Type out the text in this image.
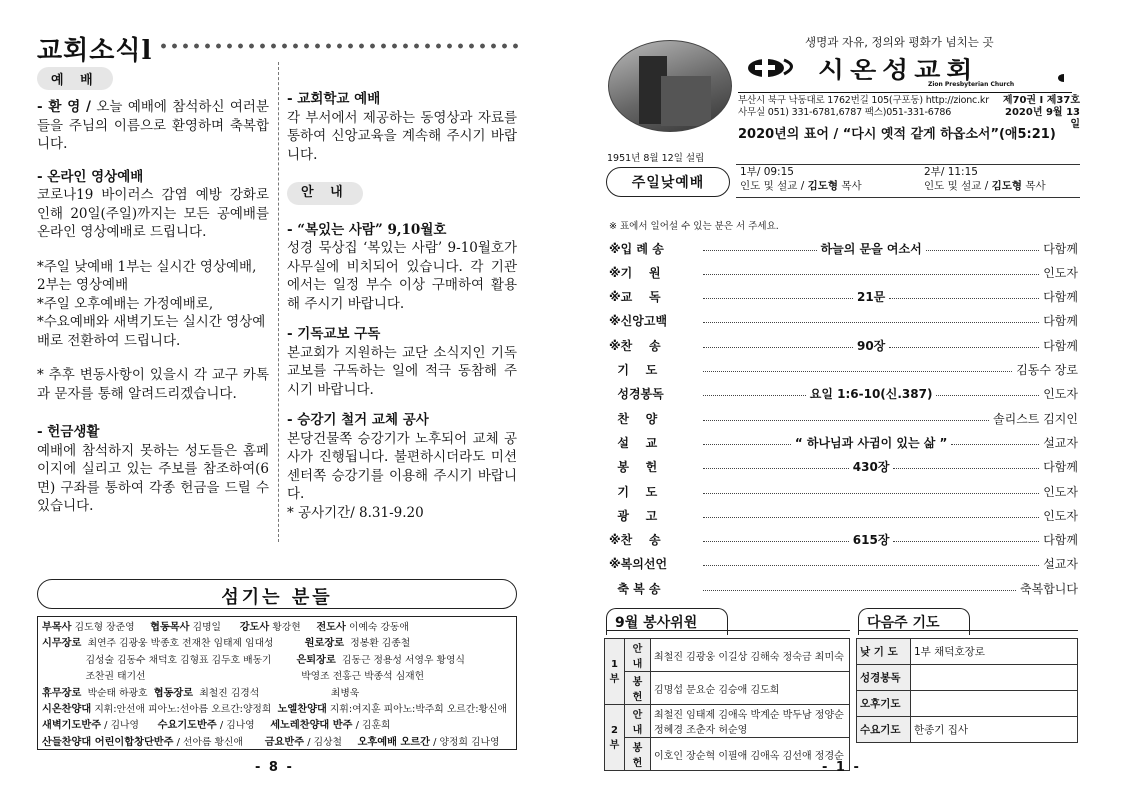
교회소식l
예 배

- 환 영 / 오늘 예배에 참석하신 여러분들을 주님의 이름으로 환영하며 축복합니다.

- 온라인 영상예배

코로나19 바이러스 감염 예방 강화로 인해 20일(주일)까지는 모든 공예배를 온라인 영상예배로 드립니다.

*주일 낮예배 1부는 실시간 영상예배, 2부는 영상예배
*주일 오후예배는 가정예배로,
*수요예배와 새벽기도는 실시간 영상예배로 전환하여 드립니다.

* 추후 변동사항이 있을시 각 교구 카톡과 문자를 통해 알려드리겠습니다.

- 헌금생활

예배에 참석하지 못하는 성도들은 홈페이지에 실리고 있는 주보를 참조하여(6면) 구좌를 통하여 각종 헌금을 드릴 수 있습니다.

- 교회학교 예배

각 부서에서 제공하는 동영상과 자료를 통하여 신앙교육을 계속해 주시기 바랍니다.

안 내
- “복있는 사람” 9,10월호

성경 묵상집 ‘복있는 사람’ 9-10월호가 사무실에 비치되어 있습니다. 각 기관에서는 일정 부수 이상 구매하여 활용해 주시기 바랍니다.

- 기독교보 구독

본교회가 지원하는 교단 소식지인 기독교보를 구독하는 일에 적극 동참해 주시기 바랍니다.

- 승강기 철거 교체 공사

본당건물쪽 승강기가 노후되어 교체 공사가 진행됩니다. 불편하시더라도 미션센터쪽 승강기를 이용해 주시기 바랍니다.

* 공사기간/ 8.31-9.20
섬기는 분들
부목사 김도형 장준영     협동목사 김명일      강도사 황강현     전도사 이예숙 강동애
시무장로  최연주 김광웅 박종호 전재찬 임태제 임대성          원로장로  정봉환 김종철
김성술 김동수 채덕호 김형표 김두호 배동기        은퇴장로  김동근 정용성 서영우 황영식
조찬권 태기선                                                  박영조 전홍근 박종석 심재헌
휴무장로  박순태 하광호  협동장로  최철진 김경석                       최병욱
시온찬양대 지휘:안선애 피아노:선아름 오르간:양정희  노엘찬양대 지휘:여지훈 피아노:박주희 오르간:황신애
새벽기도반주 / 김나영      수요기도반주 / 김나영     세노레찬양대 반주 / 김훈희
산들찬양대 어린이합창단반주 / 선아름 황신애       금요반주 / 김상철     오후예배 오르간 / 양정희 김나영
- 8 -
생명과 자유, 정의와 평화가 넘치는 곳
시온성교회
Zion Presbyterian Church
부산시 북구 낙동대로 1762번길 105(구포동) http://zionc.kr
사무실 051) 331-6781,6787 팩스)051-331-6786
제70권 I 제37호
2020년 9월 13일
2020년의 표어 / “다시 옛적 같게 하옵소서”(애5:21)
1951년 8월 12일 설립
주일낮예배
1부/ 09:15
인도 및 설교 / 김도형 목사
2부/ 11:15
인도 및 설교 / 김도형 목사
※ 표에서 일어설 수 있는 분은 서 주세요.
※입 례 송	하늘의 문을 여소서	다함께
※기    원	인도자
※교    독	21문	다함께
※신앙고백	다함께
※찬    송	90장	다함께
기    도	김동수 장로
성경봉독	요일 1:6-10(신.387)	인도자
찬    양	솔리스트 김지인
설    교	“ 하나님과 사귐이 있는 삶 ”	설교자
봉    헌	430장	다함께
기    도	인도자
광    고	인도자
※찬    송	615장	다함께
※복의선언	설교자
축 복 송	축복합니다
9월 봉사위원
1부	안내	최철진 김광웅 이길상 김해숙 정숙금 최미숙
	봉헌	김명섭 문요순 김승애 김도희
2부	안내	최철진 임태제 김애옥 박계순 박두남 정양순 정혜경 조춘자 허순영
	봉헌	이호인 장순혁 이필애 김애옥 김선애 정경순
다음주 기도
낮 기 도	1부 채덕호장로
성경봉독	
오후기도	
수요기도	한종기 집사
- 1 -
